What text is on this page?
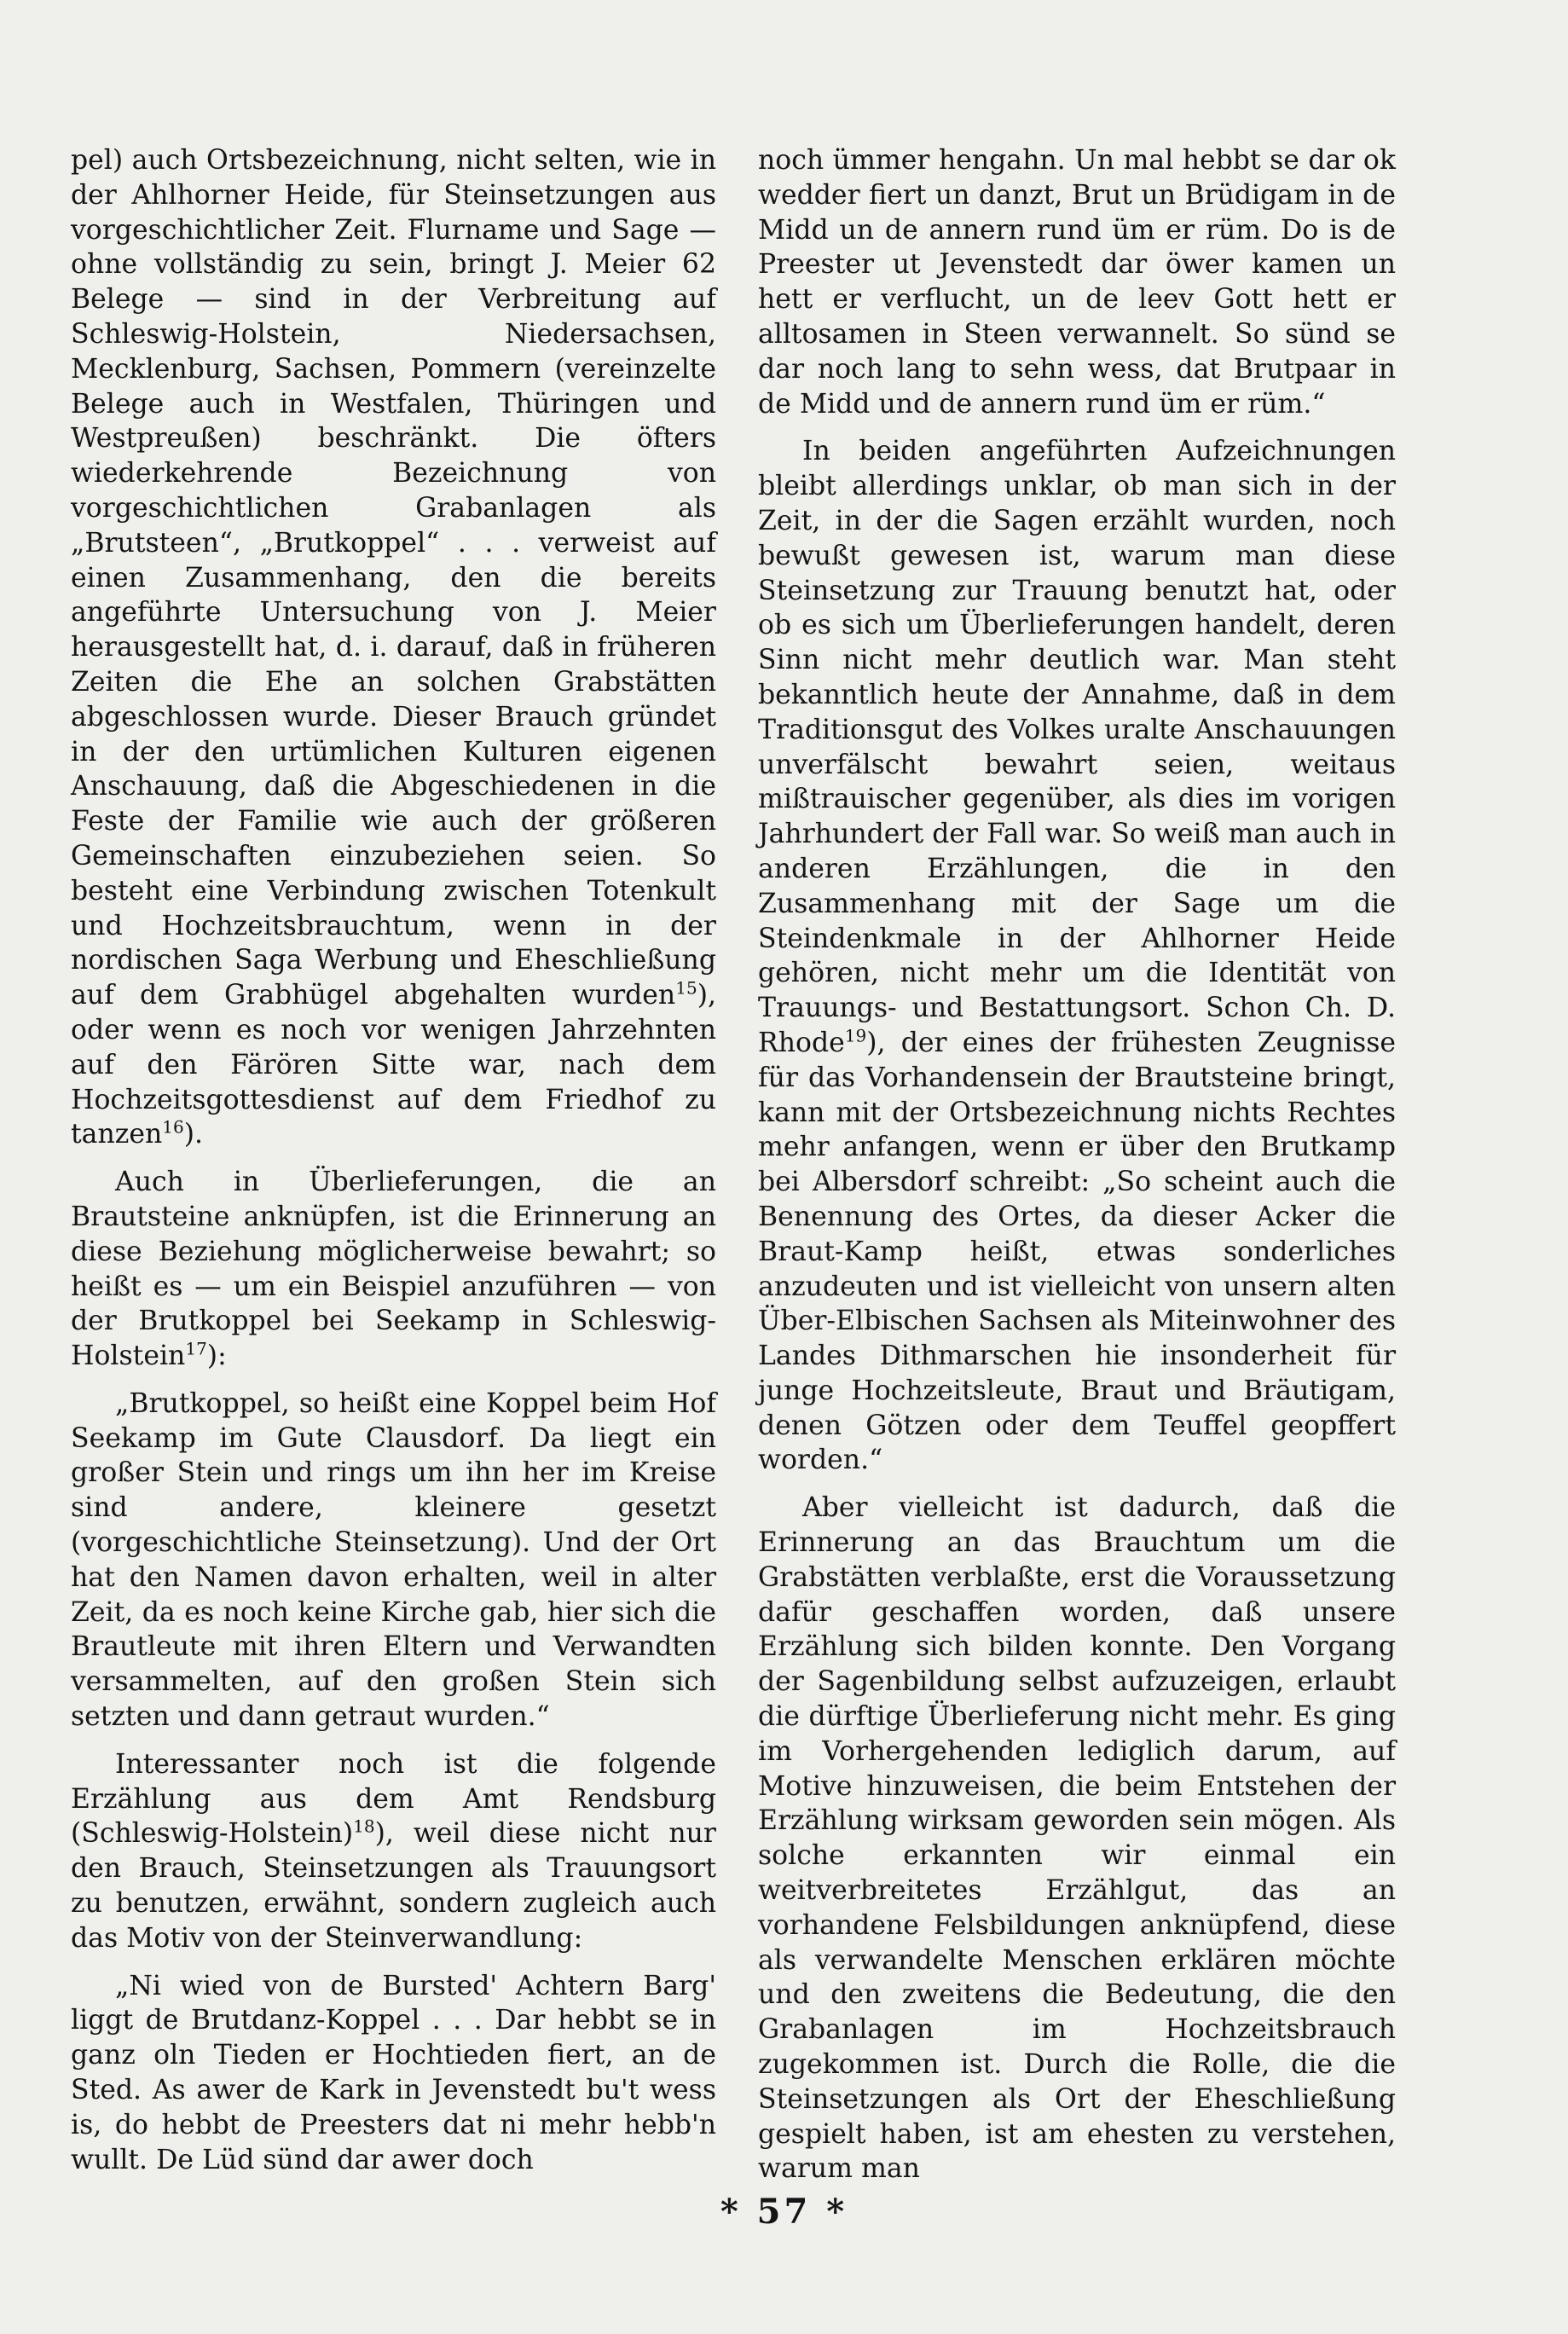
pel) auch Ortsbezeichnung, nicht selten, wie in der Ahlhorner Heide, für Steinsetzungen aus vorgeschichtlicher Zeit. Flurname und Sage — ohne vollständig zu sein, bringt J. Meier 62 Belege — sind in der Verbreitung auf Schleswig-Holstein, Niedersachsen, Mecklenburg, Sachsen, Pommern (vereinzelte Belege auch in Westfalen, Thüringen und Westpreußen) beschränkt. Die öfters wiederkehrende Bezeichnung von vorgeschichtlichen Grabanlagen als „Brutsteen“, „Brutkoppel“ . . . verweist auf einen Zusammenhang, den die bereits angeführte Untersuchung von J. Meier herausgestellt hat, d. i. darauf, daß in früheren Zeiten die Ehe an solchen Grabstätten abgeschlossen wurde. Dieser Brauch gründet in der den urtümlichen Kulturen eigenen Anschauung, daß die Abgeschiedenen in die Feste der Familie wie auch der größeren Gemeinschaften einzubeziehen seien. So besteht eine Verbindung zwischen Totenkult und Hochzeitsbrauchtum, wenn in der nordischen Saga Werbung und Eheschließung auf dem Grabhügel abgehalten wurden$^{15}$), oder wenn es noch vor wenigen Jahrzehnten auf den Färören Sitte war, nach dem Hochzeitsgottesdienst auf dem Friedhof zu tanzen$^{16}$).

Auch in Überlieferungen, die an Brautsteine anknüpfen, ist die Erinnerung an diese Beziehung möglicherweise bewahrt; so heißt es — um ein Beispiel anzuführen — von der Brutkoppel bei Seekamp in Schleswig-Holstein$^{17}$):

„Brutkoppel, so heißt eine Koppel beim Hof Seekamp im Gute Clausdorf. Da liegt ein großer Stein und rings um ihn her im Kreise sind andere, kleinere gesetzt (vorgeschichtliche Steinsetzung). Und der Ort hat den Namen davon erhalten, weil in alter Zeit, da es noch keine Kirche gab, hier sich die Brautleute mit ihren Eltern und Verwandten versammelten, auf den großen Stein sich setzten und dann getraut wurden.“

Interessanter noch ist die folgende Erzählung aus dem Amt Rendsburg (Schleswig-Holstein)$^{18}$), weil diese nicht nur den Brauch, Steinsetzungen als Trauungsort zu benutzen, erwähnt, sondern zugleich auch das Motiv von der Steinverwandlung:

„Ni wied von de Bursted' Achtern Barg' liggt de Brutdanz-Koppel . . . Dar hebbt se in ganz oln Tieden er Hochtieden fiert, an de Sted. As awer de Kark in Jevenstedt bu't wess is, do hebbt de Preesters dat ni mehr hebb'n wullt. De Lüd sünd dar awer doch

noch ümmer hengahn. Un mal hebbt se dar ok wedder fiert un danzt, Brut un Brüdigam in de Midd un de annern rund üm er rüm. Do is de Preester ut Jevenstedt dar öwer kamen un hett er verflucht, un de leev Gott hett er alltosamen in Steen verwannelt. So sünd se dar noch lang to sehn wess, dat Brutpaar in de Midd und de annern rund üm er rüm.“

In beiden angeführten Aufzeichnungen bleibt allerdings unklar, ob man sich in der Zeit, in der die Sagen erzählt wurden, noch bewußt gewesen ist, warum man diese Steinsetzung zur Trauung benutzt hat, oder ob es sich um Überlieferungen handelt, deren Sinn nicht mehr deutlich war. Man steht bekanntlich heute der Annahme, daß in dem Traditionsgut des Volkes uralte Anschauungen unverfälscht bewahrt seien, weitaus mißtrauischer gegenüber, als dies im vorigen Jahrhundert der Fall war. So weiß man auch in anderen Erzählungen, die in den Zusammenhang mit der Sage um die Steindenkmale in der Ahlhorner Heide gehören, nicht mehr um die Identität von Trauungs- und Bestattungsort. Schon Ch. D. Rhode$^{19}$), der eines der frühesten Zeugnisse für das Vorhandensein der Brautsteine bringt, kann mit der Ortsbezeichnung nichts Rechtes mehr anfangen, wenn er über den Brutkamp bei Albersdorf schreibt: „So scheint auch die Benennung des Ortes, da dieser Acker die Braut-Kamp heißt, etwas sonderliches anzudeuten und ist vielleicht von unsern alten Über-Elbischen Sachsen als Miteinwohner des Landes Dithmarschen hie insonderheit für junge Hochzeitsleute, Braut und Bräutigam, denen Götzen oder dem Teuffel geopffert worden.“

Aber vielleicht ist dadurch, daß die Erinnerung an das Brauchtum um die Grabstätten verblaßte, erst die Voraussetzung dafür geschaffen worden, daß unsere Erzählung sich bilden konnte. Den Vorgang der Sagenbildung selbst aufzuzeigen, erlaubt die dürftige Überlieferung nicht mehr. Es ging im Vorhergehenden lediglich darum, auf Motive hinzuweisen, die beim Entstehen der Erzählung wirksam geworden sein mögen. Als solche erkannten wir einmal ein weitverbreitetes Erzählgut, das an vorhandene Felsbildungen anknüpfend, diese als verwandelte Menschen erklären möchte und den zweitens die Bedeutung, die den Grabanlagen im Hochzeitsbrauch zugekommen ist. Durch die Rolle, die die Steinsetzungen als Ort der Eheschließung gespielt haben, ist am ehesten zu verstehen, warum man

* 57 *
